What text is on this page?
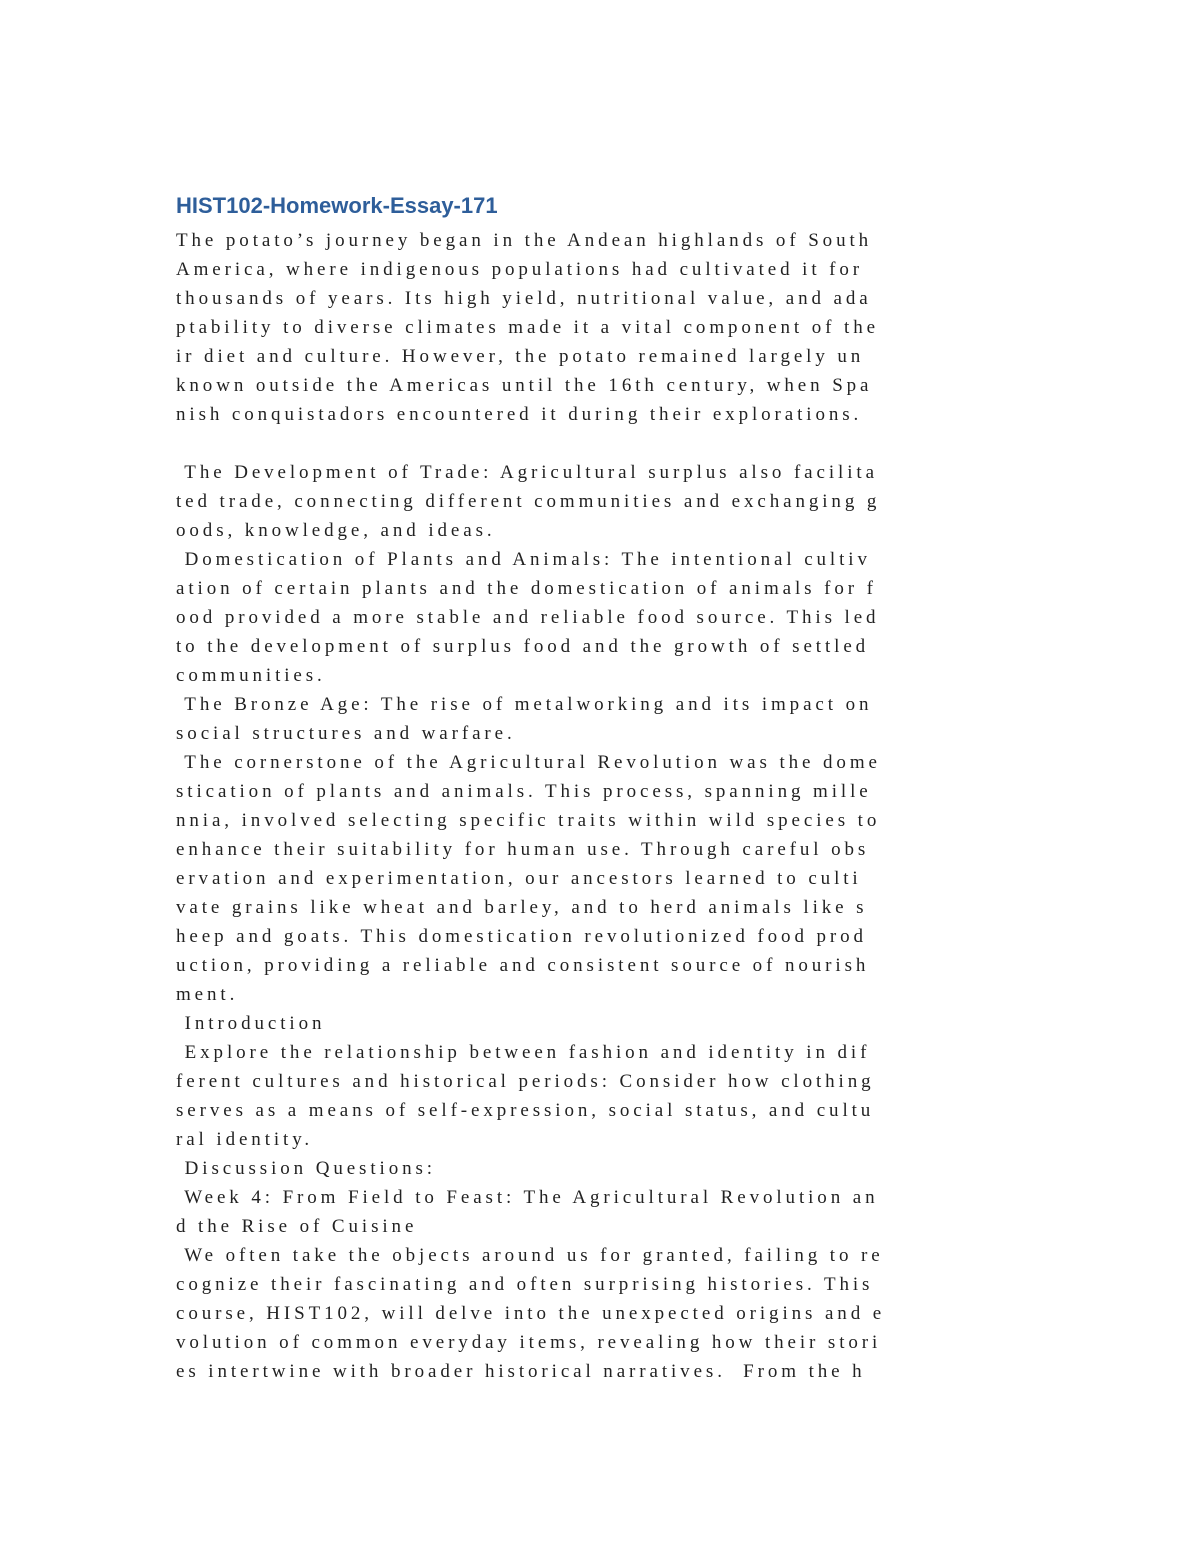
HIST102-Homework-Essay-171
The potato’s journey began in the Andean highlands of South
America, where indigenous populations had cultivated it for
thousands of years. Its high yield, nutritional value, and ada
ptability to diverse climates made it a vital component of the
ir diet and culture. However, the potato remained largely un
known outside the Americas until the 16th century, when Spa
nish conquistadors encountered it during their explorations.
The Development of Trade: Agricultural surplus also facilita
ted trade, connecting different communities and exchanging g
oods, knowledge, and ideas.
Domestication of Plants and Animals: The intentional cultiv
ation of certain plants and the domestication of animals for f
ood provided a more stable and reliable food source. This led
to the development of surplus food and the growth of settled
communities.
The Bronze Age: The rise of metalworking and its impact on
social structures and warfare.
The cornerstone of the Agricultural Revolution was the dome
stication of plants and animals. This process, spanning mille
nnia, involved selecting specific traits within wild species to
enhance their suitability for human use. Through careful obs
ervation and experimentation, our ancestors learned to culti
vate grains like wheat and barley, and to herd animals like s
heep and goats. This domestication revolutionized food prod
uction, providing a reliable and consistent source of nourish
ment.
Introduction
Explore the relationship between fashion and identity in dif
ferent cultures and historical periods: Consider how clothing
serves as a means of self-expression, social status, and cultu
ral identity.
Discussion Questions:
Week 4: From Field to Feast: The Agricultural Revolution an
d the Rise of Cuisine
We often take the objects around us for granted, failing to re
cognize their fascinating and often surprising histories. This
course, HIST102, will delve into the unexpected origins and e
volution of common everyday items, revealing how their stori
es intertwine with broader historical narratives.  From the h
